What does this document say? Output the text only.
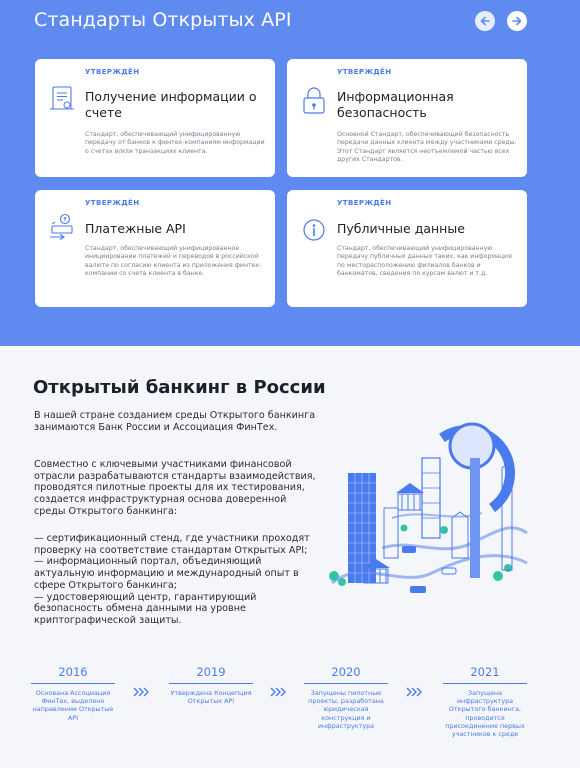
Стандарты Открытых API
УТВЕРЖДЁН
Получение информации о счете
Стандарт, обеспечивающий унифицированную передачу от банков к финтех-компаниям информации о счетах и/или транзакциях клиента.
УТВЕРЖДЁН
Информационная безопасность
Основной Стандарт, обеспечивающий безопасность передачи данных клиента между участниками среды. Этот Стандарт является неотъемлемой частью всех других Стандартов.
УТВЕРЖДЁН
Платежные API
Стандарт, обеспечивающий унифицированное инициирование платежей и переводов в российской валюте по согласию клиента из приложения финтех-компании со счета клиента в банке.
УТВЕРЖДЁН
Публичные данные
Стандарт, обеспечивающий унифицированную передачу публичных данных таких, как информация по месторасположению филиалов банков и банкоматов, сведения по курсам валют и т.д.
Открытый банкинг в России

В нашей стране созданием среды Открытого банкинга занимаются Банк России и Ассоциация ФинТех.

Совместно с ключевыми участниками финансовой отрасли разрабатываются стандарты взаимодействия, проводятся пилотные проекты для их тестирования, создается инфраструктурная основа доверенной среды Открытого банкинга:

— сертификационный стенд, где участники проходят проверку на соответствие стандартам Открытых API;
— информационный портал, объединяющий актуальную информацию и международный опыт в сфере Открытого банкинга;
— удостоверяющий центр, гарантирующий безопасность обмена данными на уровне криптографической защиты.

2016
Основана Ассоциация ФинТех, выделено направление Открытые API
2019
Утверждена Концепция Открытых API
2020
Запущены пилотные проекты, разработана юридическая конструкция и инфраструктура
2021
Запущена инфраструктура Открытого банкинга, проводится присоединение первых участников к среде
